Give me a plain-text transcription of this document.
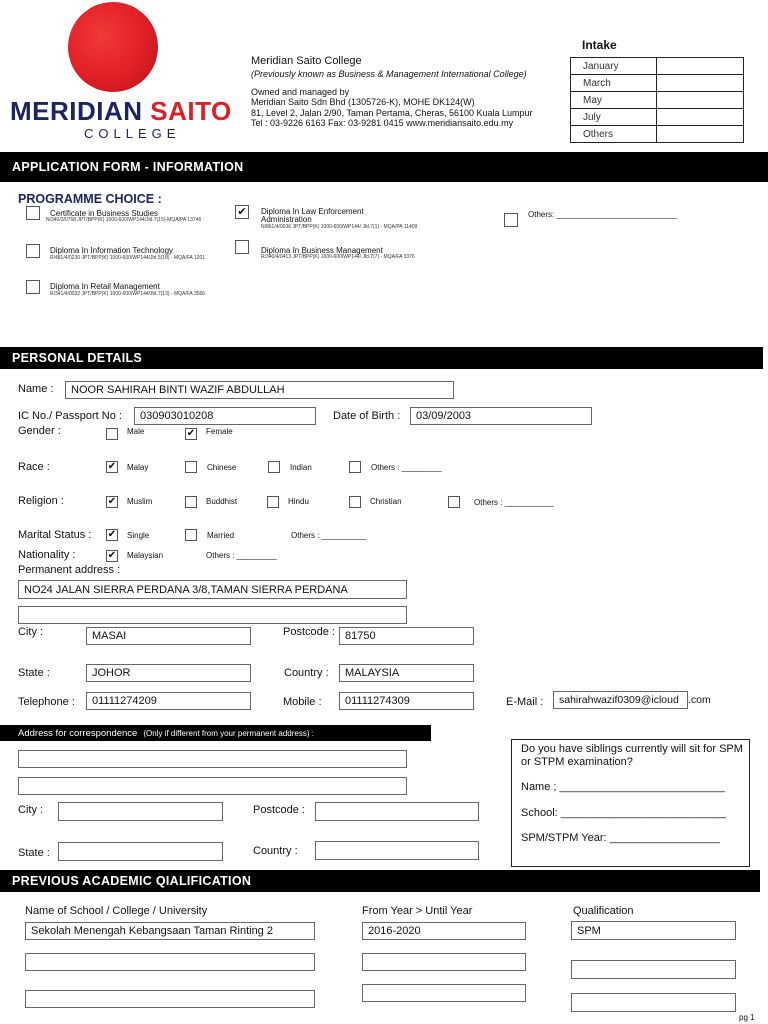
MERIDIAN SAITO
COLLEGE
Meridian Saito College
(Previously known as Business & Management International College)
Owned and managed by
Meridian Saito Sdn Bhd (1305726-K), MOHE DK124(W)
81, Level 2, Jalan 2/90, Taman Pertama, Cheras, 56100 Kuala Lumpur
Tel : 03-9226 6163 Fax: 03-9281 0415 www.meridiansaito.edu.my
Intake
January	
March	
May	
July	
Others	
APPLICATION FORM - INFORMATION
PROGRAMME CHOICE :
Certificate in Business Studies
N/340/3/0768 JPT/BPP(K) 1000-600/WP144/Jld.7(15)-MQA/PA 13746
✔ Diploma In Law Enforcement Administration
N/861/4/0036 JPT/BPP(K) 1000-600/WP144/ Jld.7(1) - MQA/PA 11409
Others: ___________________________
Diploma In Information Technology
R/481/4/0230 JPT/BPP(K) 1000-600/WP144/Jld.5(18) - MQA/FA 1201
Diploma In Business Management
R/340/4/0413 JPT/BPP(K) 1000-600/WP144/ Jld.7(7) - MQA/FA 3376
Diploma In Retail Management
R/341/4/0032 JPT/BPP(K) 1000-600/WP144/Jld.7(13) - MQA/FA 3566
PERSONAL DETAILS
Name :	NOOR SAHIRAH BINTI WAZIF ABDULLAH
IC No./ Passport No :	030903010208	Date of Birth :	03/09/2003
Gender :	Male	✔ Female
Race :	✔ Malay	Chinese	Indian	Others : _________
Religion :	✔ Muslim	Buddhist	Hindu	Christian	Others : ___________
Marital Status : ✔ Single	Married	Others : __________
Nationality :	✔ Malaysian	Others : _________
Permanent address :
NO24 JALAN SIERRA PERDANA 3/8,TAMAN SIERRA PERDANA
City :	MASAI	Postcode : 81750
State :	JOHOR	Country :	MALAYSIA
Telephone :	01111274209	Mobile :	01111274309	E-Mail :	sahirahwazif0309@icloud .com
Address for correspondence (Only if different from your permanent address) :
City :	Postcode :
State :	Country :
Do you have siblings currently will sit for SPM or STPM examination?
Name ; ___________________________
School: ___________________________
SPM/STPM Year: __________________
PREVIOUS ACADEMIC QIALIFICATION
Name of School / College / University	From Year > Until Year	Qualification
Sekolah Menengah Kebangsaan Taman Rinting 2	2016-2020	SPM
pg 1
